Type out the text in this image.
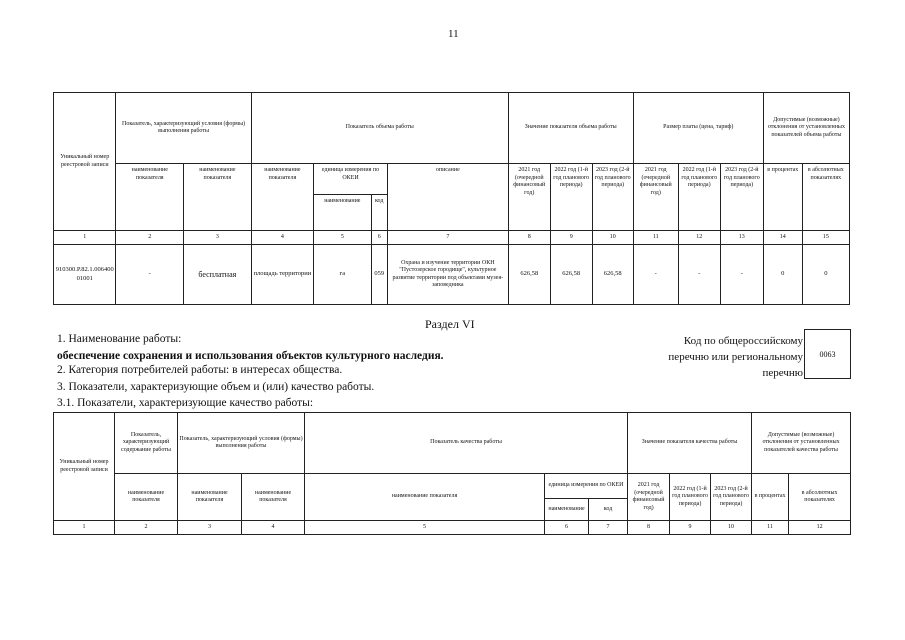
11
Уникальный номер реестровой записи	Показатель, характеризующий условия (формы) выполнения работы		Показатель объема работы				Значение показателя объема работы			Размер платы (цена, тариф)			Допустимые (возможные) отклонения от установленных показателей объема работы	
	наименование показателя	наименование показателя	наименование показателя	единица измерения по ОКЕИ		описание	2021 год (очередной финансовый год)	2022 год (1-й год планового периода)	2023 год (2-й год планового периода)	2021 год (очередной финансовый год)	2022 год (1-й год планового периода)	2023 год (2-й год планового периода)	в процентах	в абсолютных показателях
				наименование	код									
1	2	3	4	5	6	7	8	9	10	11	12	13	14	15
910300.Р.82.1.00640001001	-	бесплатная	площадь территории	га	059	Охрана и изучение территории ОКН "Пустозерское городище", культурное развитие территории под объектами музея-заповедника	626,58	626,58	626,58	-	-	-	0	0
Раздел VI
1. Наименование работы:
обеспечение сохранения и использования объектов культурного наследия.
2. Категория потребителей работы: в интересах общества.
3. Показатели, характеризующие объем и (или) качество работы.
3.1. Показатели, характеризующие качество работы:
Код по общероссийскому перечню или региональному перечню
0063
Уникальный номер реестровой записи	Показатель, характеризующий содержание работы	Показатель, характеризующий условия (формы) выполнения работы		Показатель качества работы			Значение показателя качества работы			Допустимые (возможные) отклонения от установленных показателей качества работы	
	наименование показателя	наименование показателя	наименование показателя	наименование показателя	единица измерения по ОКЕИ		2021 год (очередной финансовый год)	2022 год (1-й год планового периода)	2023 год (2-й год планового периода)	в процентах	в абсолютных показателях
					наименование	код					
1	2	3	4	5	6	7	8	9	10	11	12
